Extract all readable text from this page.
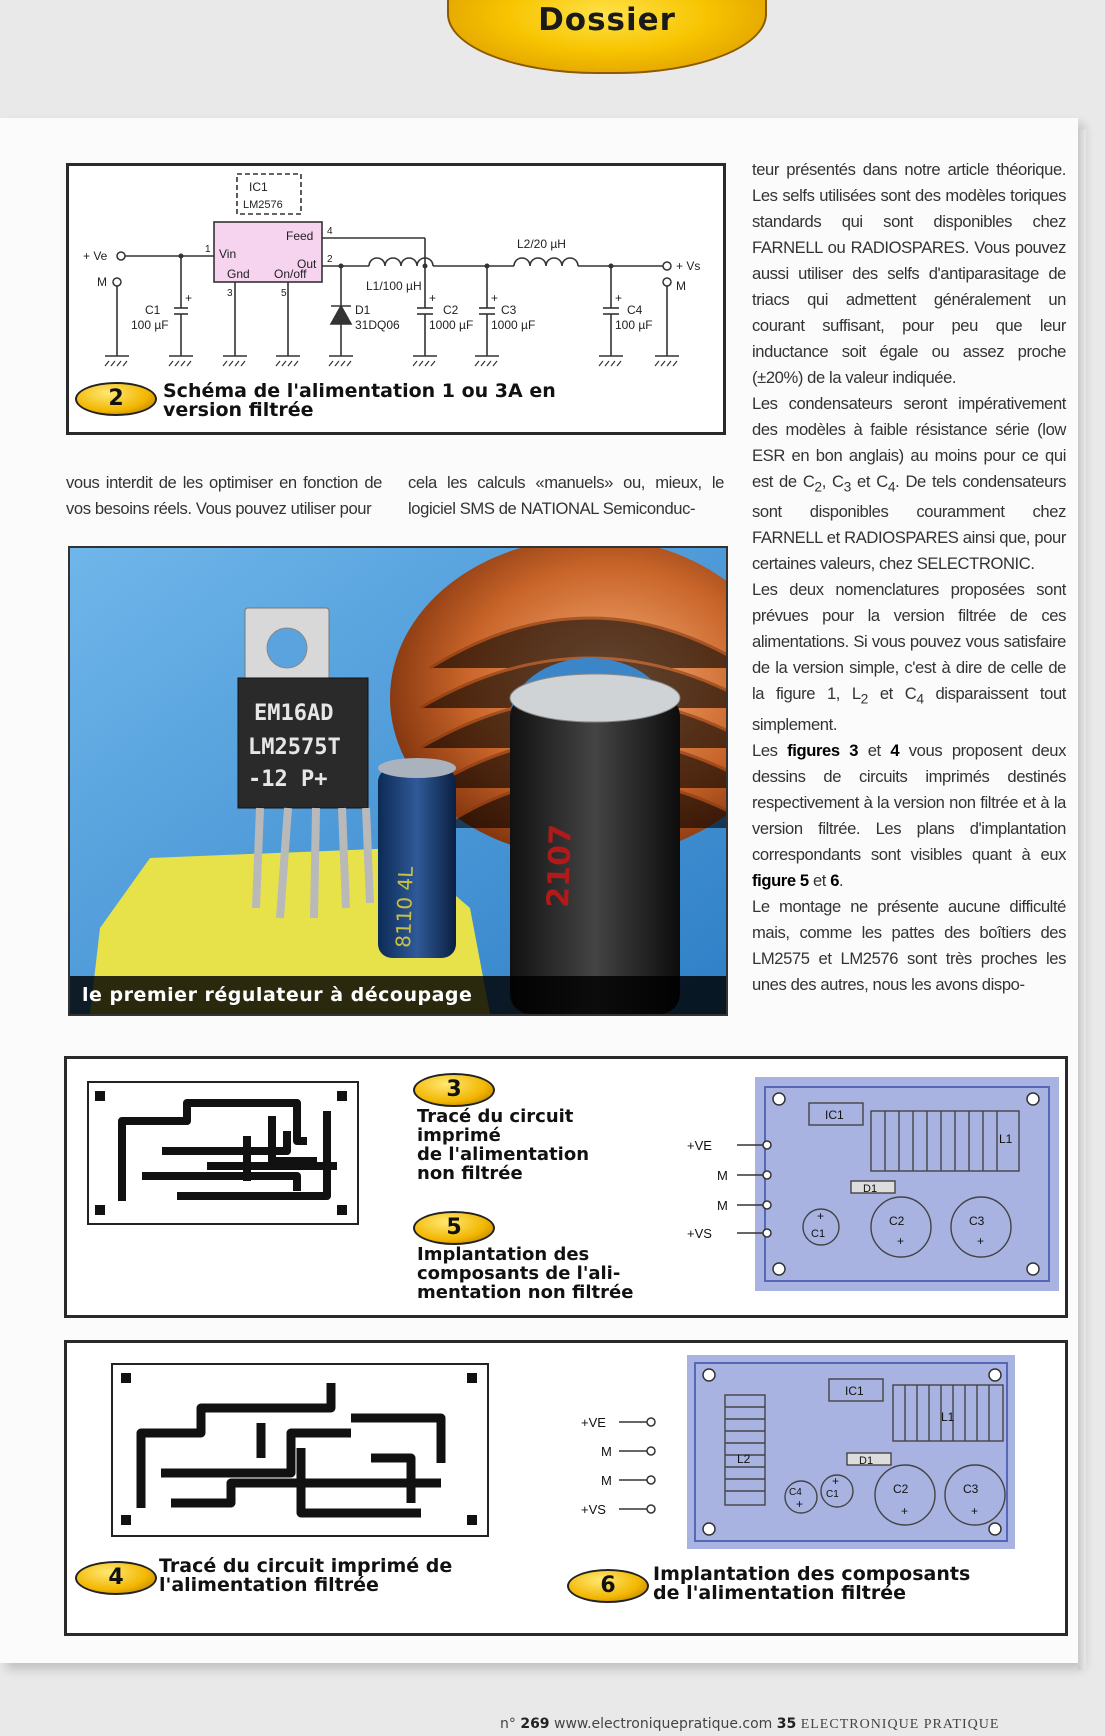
Dossier
IC1
LM2576
Vin
Gnd On/off
Feed
Out
1
2
3
4
5
+ Ve
M
+ Vs
M
C1
100 µF
C2
1000 µF
C3
1000 µF
C4
100 µF
L1/100 µH
L2/20 µH
D1
31DQ06
+	+	+	+
2	Schéma de l'alimentation 1 ou 3A en
version filtrée

vous interdit de les optimiser en fonction de vos besoins réels. Vous pouvez utiliser pour

cela les calculs «manuels» ou, mieux, le logiciel SMS de NATIONAL Semiconduc-

EM16AD
LM2575T
-12 P+
8110 4L	2107
le premier régulateur à découpage

teur présentés dans notre article théorique. Les selfs utilisées sont des modèles toriques standards qui sont disponibles chez FARNELL ou RADIOSPARES. Vous pouvez aussi utiliser des selfs d'antiparasitage de triacs qui admettent généralement un courant suffisant, pour peu que leur inductance soit égale ou assez proche (±20%) de la valeur indiquée.

Les condensateurs seront impérativement des modèles à faible résistance série (low ESR en bon anglais) au moins pour ce qui est de $C_2$, $C_3$ et $C_4$. De tels condensateurs sont disponibles couramment chez FARNELL et RADIOSPARES ainsi que, pour certaines valeurs, chez SELECTRONIC.

Les deux nomenclatures proposées sont prévues pour la version filtrée de ces alimentations. Si vous pouvez vous satisfaire de la version simple, c'est à dire de celle de la figure 1, $L_2$ et $C_4$ disparaissent tout simplement.

Les figures 3 et 4 vous proposent deux dessins de circuits imprimés destinés respectivement à la version non filtrée et à la version filtrée. Les plans d'implantation correspondants sont visibles quant à eux figure 5 et 6.

Le montage ne présente aucune difficulté mais, comme les pattes des boîtiers des LM2575 et LM2576 sont très proches les unes des autres, nous les avons dispo-

3
Tracé du circuit
imprimé
de l'alimentation
non filtrée
5
Implantation des
composants de l'ali-
mentation non filtrée
+VE
M
M
+VS
IC1
L1
D1
C1
+	C2
+
C3
+
4	Tracé du circuit imprimé de
l'alimentation filtrée
+VE
M
M
+VS
IC1
L1
L2	D1
C4
+
C1
+
C2
+
C3
+
6	Implantation des composants
de l'alimentation filtrée
n° 269 www.electroniquepratique.com 35 ELECTRONIQUE PRATIQUE
